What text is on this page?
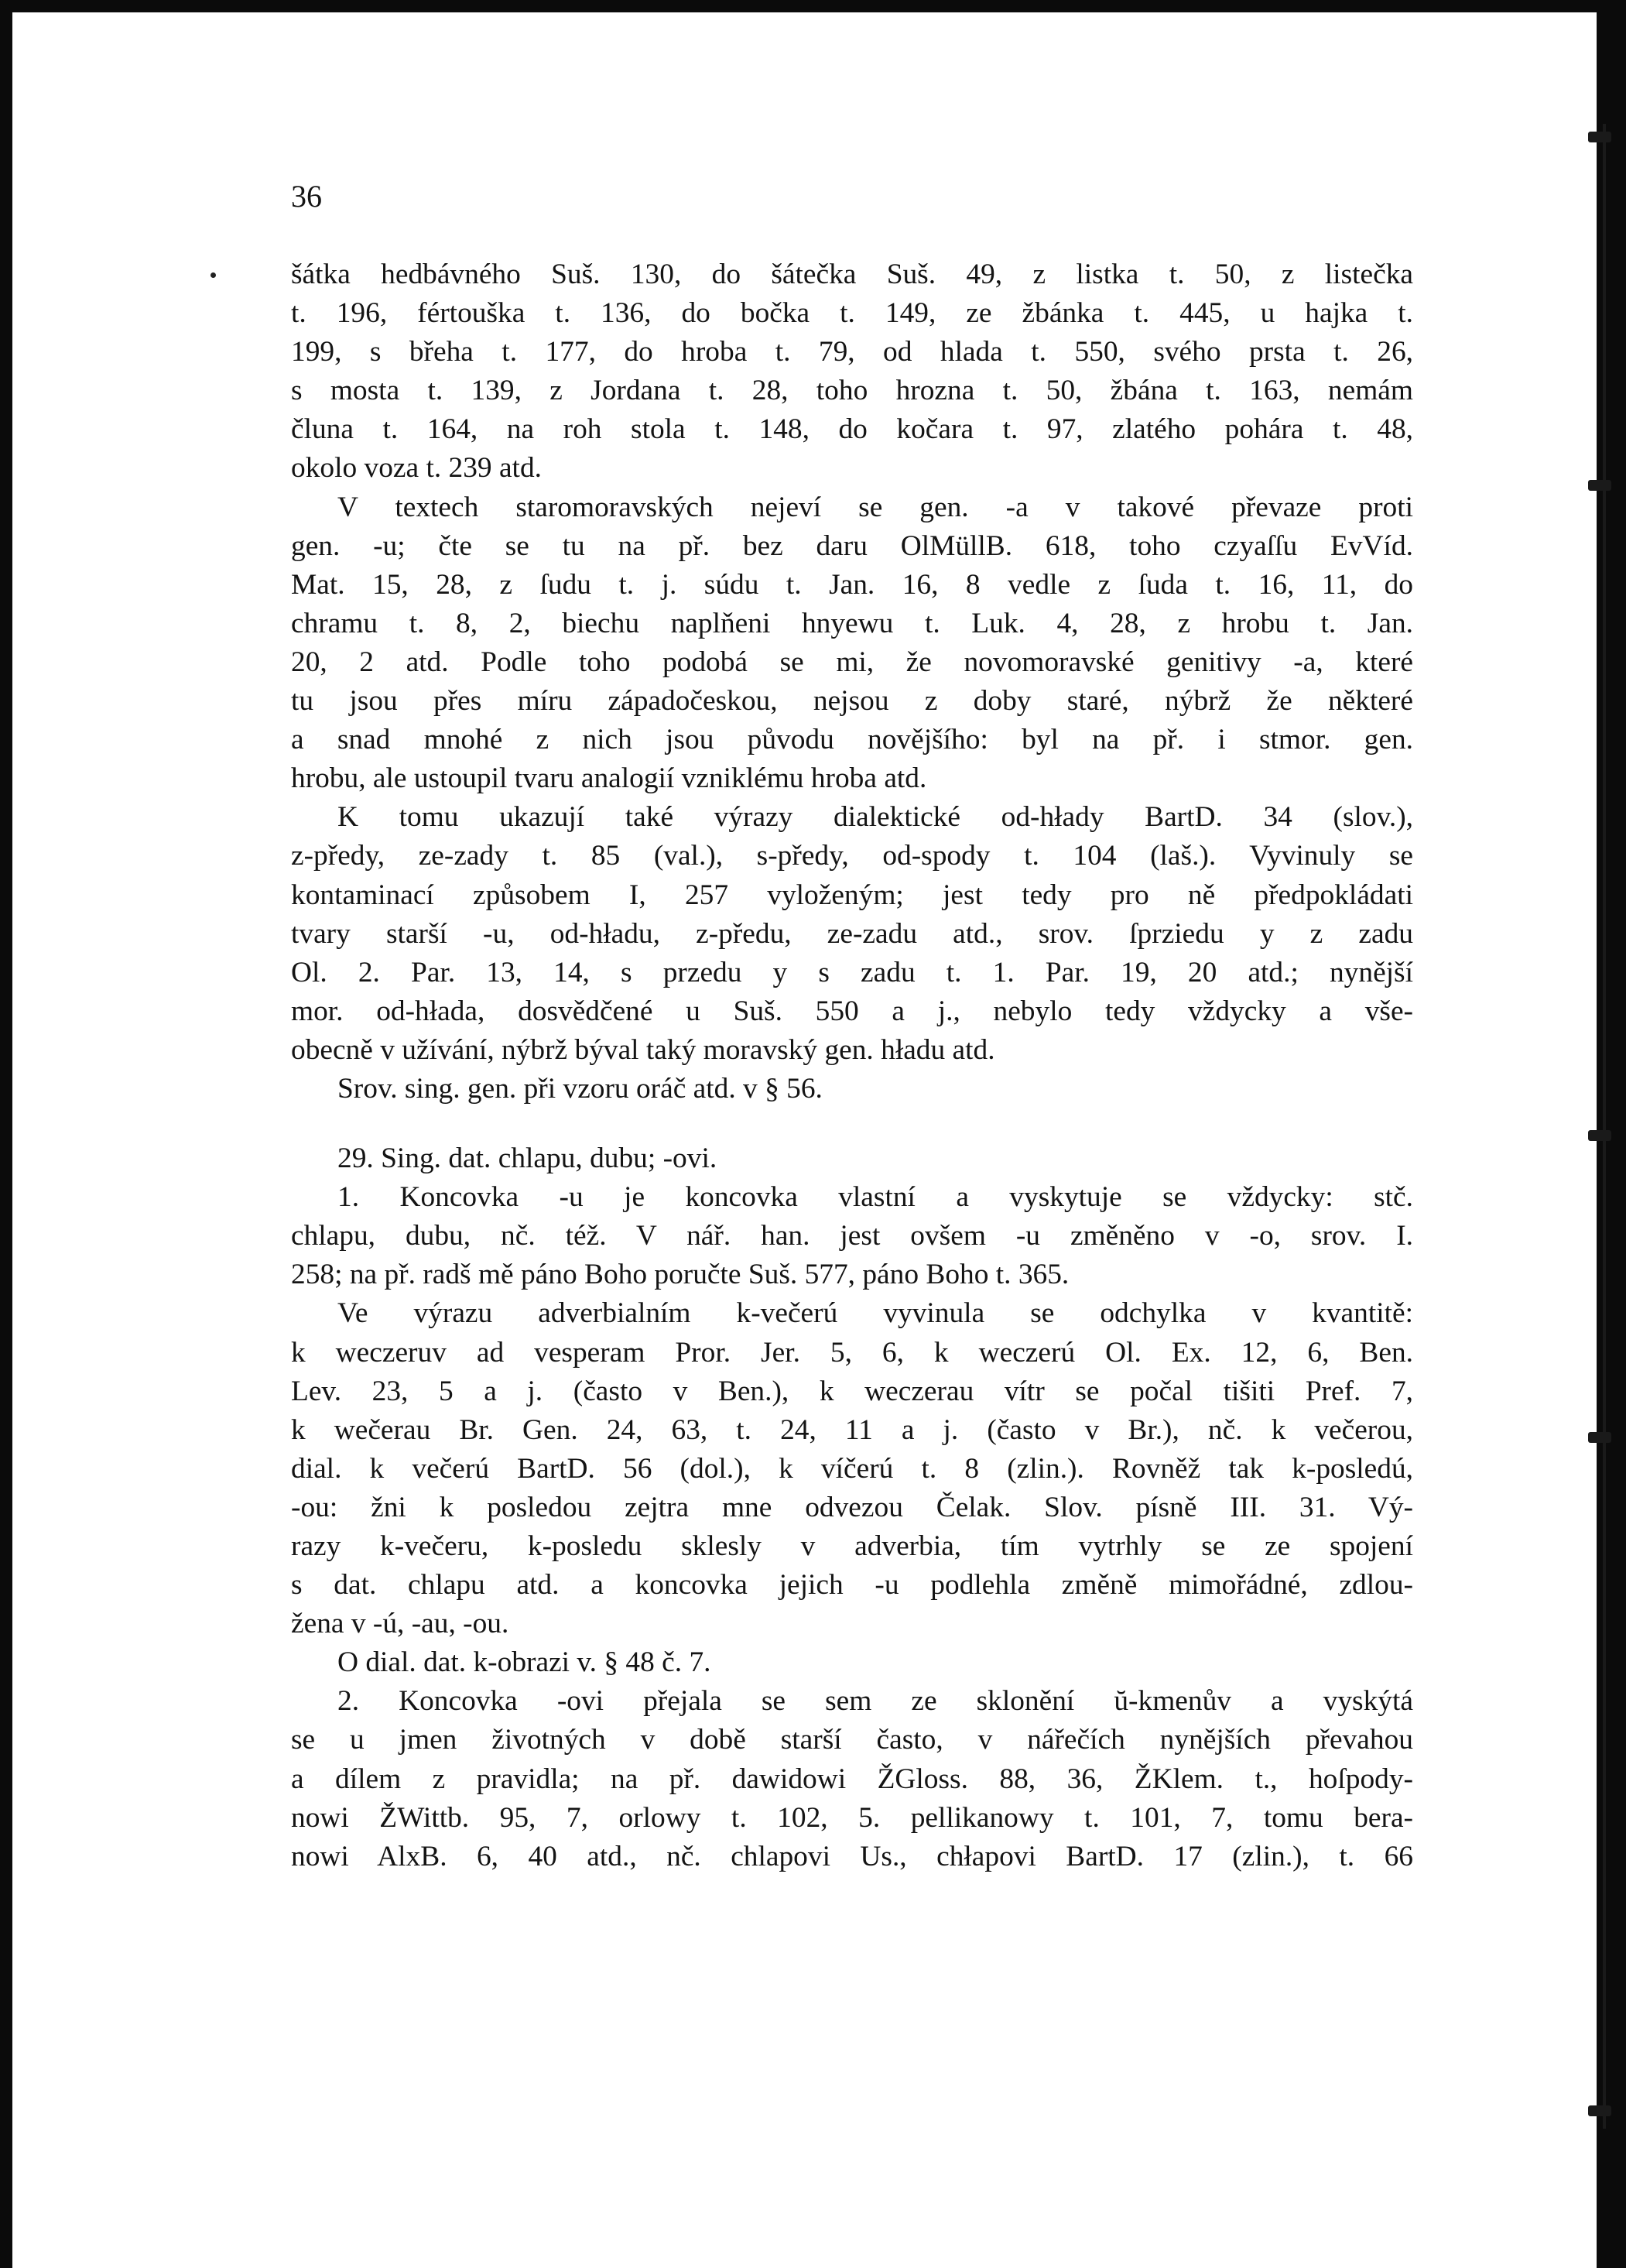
36
šátka hedbávného Suš. 130, do šátečka Suš. 49, z listka t. 50, z listečka
t. 196, fértouška t. 136, do bočka t. 149, ze žbánka t. 445, u hajka t.
199, s břeha t. 177, do hroba t. 79, od hlada t. 550, svého prsta t. 26,
s mosta t. 139, z Jordana t. 28, toho hrozna t. 50, žbána t. 163, nemám
čluna t. 164, na roh stola t. 148, do kočara t. 97, zlatého pohára t. 48,
okolo voza t. 239 atd.
V textech staromoravských nejeví se gen. -a v takové převaze proti
gen. -u; čte se tu na př. bez daru OlMüllB. 618, toho czyaſſu EvVíd.
Mat. 15, 28, z ſudu t. j. súdu t. Jan. 16, 8 vedle z ſuda t. 16, 11, do
chramu t. 8, 2, biechu naplňeni hnyewu t. Luk. 4, 28, z hrobu t. Jan.
20, 2 atd. Podle toho podobá se mi, že novomoravské genitivy -a, které
tu jsou přes míru západočeskou, nejsou z doby staré, nýbrž že některé
a snad mnohé z nich jsou původu novějšího: byl na př. i stmor. gen.
hrobu, ale ustoupil tvaru analogií vzniklému hroba atd.
K tomu ukazují také výrazy dialektické od-hłady BartD. 34 (slov.),
z-předy, ze-zady t. 85 (val.), s-předy, od-spody t. 104 (laš.). Vyvinuly se
kontaminací způsobem I, 257 vyloženým; jest tedy pro ně předpokládati
tvary starší -u, od-hładu, z-předu, ze-zadu atd., srov. ſprziedu y z zadu
Ol. 2. Par. 13, 14, s przedu y s zadu t. 1. Par. 19, 20 atd.; nynější
mor. od-hłada, dosvědčené u Suš. 550 a j., nebylo tedy vždycky a vše-
obecně v užívání, nýbrž býval taký moravský gen. hładu atd.
Srov. sing. gen. při vzoru oráč atd. v § 56.
29. Sing. dat. chlapu, dubu; -ovi.
1. Koncovka -u je koncovka vlastní a vyskytuje se vždycky: stč.
chlapu, dubu, nč. též. V nář. han. jest ovšem -u změněno v -o, srov. I.
258; na př. radš mě páno Boho poručte Suš. 577, páno Boho t. 365.
Ve výrazu adverbialním k-večerú vyvinula se odchylka v kvantitě:
k weczeruv ad vesperam Pror. Jer. 5, 6, k weczerú Ol. Ex. 12, 6, Ben.
Lev. 23, 5 a j. (často v Ben.), k weczerau vítr se počal tišiti Pref. 7,
k wečerau Br. Gen. 24, 63, t. 24, 11 a j. (často v Br.), nč. k večerou,
dial. k večerú BartD. 56 (dol.), k víčerú t. 8 (zlin.). Rovněž tak k-posledú,
-ou: žni k posledou zejtra mne odvezou Čelak. Slov. písně III. 31. Vý-
razy k-večeru, k-posledu sklesly v adverbia, tím vytrhly se ze spojení
s dat. chlapu atd. a koncovka jejich -u podlehla změně mimořádné, zdlou-
žena v -ú, -au, -ou.
O dial. dat. k-obrazi v. § 48 č. 7.
2. Koncovka -ovi přejala se sem ze sklonění ŭ-kmenův a vyskýtá
se u jmen životných v době starší často, v nářečích nynějších převahou
a dílem z pravidla; na př. dawidowi ŽGloss. 88, 36, ŽKlem. t., hoſpody-
nowi ŽWittb. 95, 7, orlowy t. 102, 5. pellikanowy t. 101, 7, tomu bera-
nowi AlxB. 6, 40 atd., nč. chlapovi Us., chłapovi BartD. 17 (zlin.), t. 66
